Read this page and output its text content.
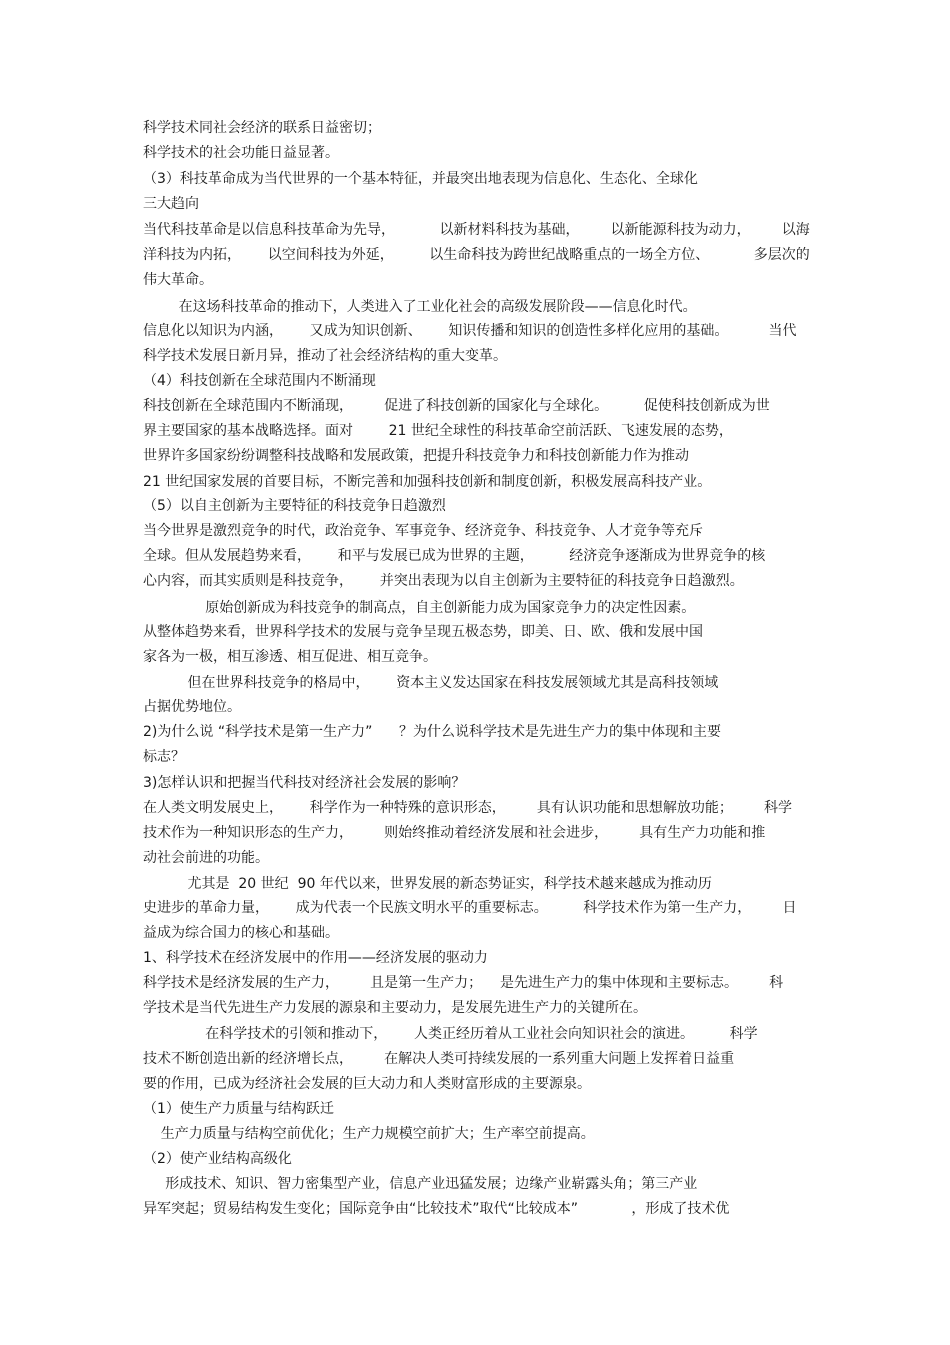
科学技术同社会经济的联系日益密切；
科学技术的社会功能日益显著。
（3）科技革命成为当代世界的一个基本特征，并最突出地表现为信息化、生态化、全球化
三大趋向
当代科技革命是以信息科技革命为先导，          以新材料科技为基础，       以新能源科技为动力，       以海
洋科技为内拓，      以空间科技为外延，        以生命科技为跨世纪战略重点的一场全方位、          多层次的
伟大革命。
在这场科技革命的推动下，人类进入了工业化社会的高级发展阶段——信息化时代。
信息化以知识为内涵，      又成为知识创新、      知识传播和知识的创造性多样化应用的基础。         当代
科学技术发展日新月异，推动了社会经济结构的重大变革。
（4）科技创新在全球范围内不断涌现
科技创新在全球范围内不断涌现，       促进了科技创新的国家化与全球化。        促使科技创新成为世
界主要国家的基本战略选择。面对        21 世纪全球性的科技革命空前活跃、飞速发展的态势，
世界许多国家纷纷调整科技战略和发展政策，把提升科技竞争力和科技创新能力作为推动
21 世纪国家发展的首要目标，不断完善和加强科技创新和制度创新，积极发展高科技产业。
（5）以自主创新为主要特征的科技竞争日趋激烈
当今世界是激烈竞争的时代，政治竞争、军事竞争、经济竞争、科技竞争、人才竞争等充斥
全球。但从发展趋势来看，      和平与发展已成为世界的主题，        经济竞争逐渐成为世界竞争的核
心内容，而其实质则是科技竞争，      并突出表现为以自主创新为主要特征的科技竞争日趋激烈。
原始创新成为科技竞争的制高点，自主创新能力成为国家竞争力的决定性因素。
从整体趋势来看，世界科学技术的发展与竞争呈现五极态势，即美、日、欧、俄和发展中国
家各为一极，相互渗透、相互促进、相互竞争。
但在世界科技竞争的格局中，      资本主义发达国家在科技发展领域尤其是高科技领域
占据优势地位。
2)为什么说 “科学技术是第一生产力”      ？为什么说科学技术是先进生产力的集中体现和主要
标志？
3)怎样认识和把握当代科技对经济社会发展的影响？
在人类文明发展史上，      科学作为一种特殊的意识形态，       具有认识功能和思想解放功能；       科学
技术作为一种知识形态的生产力，       则始终推动着经济发展和社会进步，       具有生产力功能和推
动社会前进的功能。
尤其是  20 世纪  90 年代以来，世界发展的新态势证实，科学技术越来越成为推动历
史进步的革命力量，      成为代表一个民族文明水平的重要标志。        科学技术作为第一生产力，       日
益成为综合国力的核心和基础。
1、科学技术在经济发展中的作用——经济发展的驱动力
科学技术是经济发展的生产力，       且是第一生产力；    是先进生产力的集中体现和主要标志。       科
学技术是当代先进生产力发展的源泉和主要动力，是发展先进生产力的关键所在。
在科学技术的引领和推动下，      人类正经历着从工业社会向知识社会的演进。        科学
技术不断创造出新的经济增长点，       在解决人类可持续发展的一系列重大问题上发挥着日益重
要的作用，已成为经济社会发展的巨大动力和人类财富形成的主要源泉。
（1）使生产力质量与结构跃迁
生产力质量与结构空前优化；生产力规模空前扩大；生产率空前提高。
（2）使产业结构高级化
形成技术、知识、智力密集型产业，信息产业迅猛发展；边缘产业崭露头角；第三产业
异军突起；贸易结构发生变化；国际竞争由“比较技术”取代“比较成本”            ，形成了技术优
